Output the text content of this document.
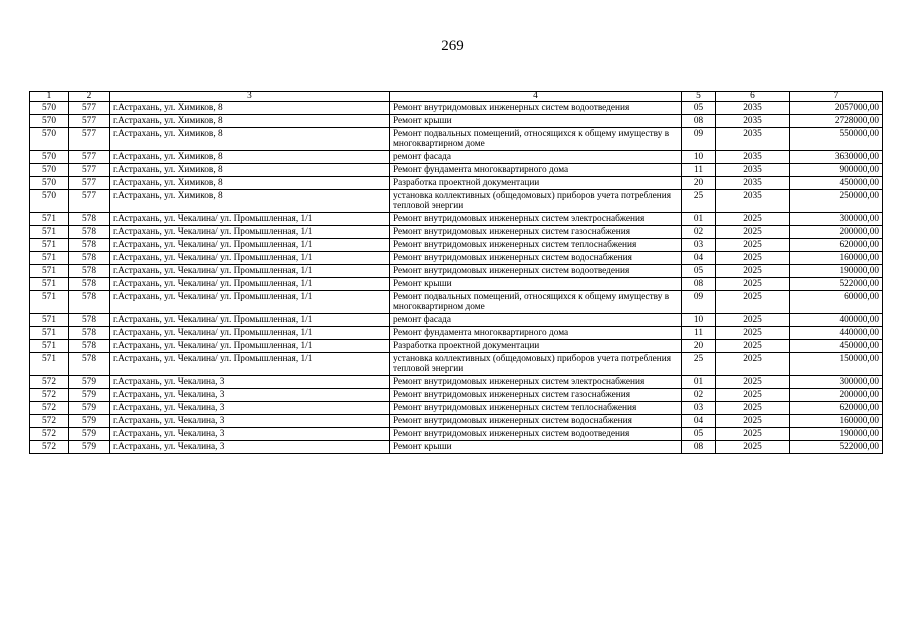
269
1	2	3	4	5	6	7
570	577	г.Астрахань, ул. Химиков, 8	Ремонт внутридомовых инженерных систем водоотведения	05	2035	2057000,00
570	577	г.Астрахань, ул. Химиков, 8	Ремонт крыши	08	2035	2728000,00
570	577	г.Астрахань, ул. Химиков, 8	Ремонт подвальных помещений, относящихся к общему имуществу в многоквартирном доме	09	2035	550000,00
570	577	г.Астрахань, ул. Химиков, 8	ремонт фасада	10	2035	3630000,00
570	577	г.Астрахань, ул. Химиков, 8	Ремонт фундамента многоквартирного дома	11	2035	900000,00
570	577	г.Астрахань, ул. Химиков, 8	Разработка проектной документации	20	2035	450000,00
570	577	г.Астрахань, ул. Химиков, 8	установка коллективных (общедомовых) приборов учета потребления тепловой энергии	25	2035	250000,00
571	578	г.Астрахань, ул. Чекалина/ ул. Промышленная, 1/1	Ремонт внутридомовых инженерных систем электроснабжения	01	2025	300000,00
571	578	г.Астрахань, ул. Чекалина/ ул. Промышленная, 1/1	Ремонт внутридомовых инженерных систем газоснабжения	02	2025	200000,00
571	578	г.Астрахань, ул. Чекалина/ ул. Промышленная, 1/1	Ремонт внутридомовых инженерных систем теплоснабжения	03	2025	620000,00
571	578	г.Астрахань, ул. Чекалина/ ул. Промышленная, 1/1	Ремонт внутридомовых инженерных систем водоснабжения	04	2025	160000,00
571	578	г.Астрахань, ул. Чекалина/ ул. Промышленная, 1/1	Ремонт внутридомовых инженерных систем водоотведения	05	2025	190000,00
571	578	г.Астрахань, ул. Чекалина/ ул. Промышленная, 1/1	Ремонт крыши	08	2025	522000,00
571	578	г.Астрахань, ул. Чекалина/ ул. Промышленная, 1/1	Ремонт подвальных помещений, относящихся к общему имуществу в многоквартирном доме	09	2025	60000,00
571	578	г.Астрахань, ул. Чекалина/ ул. Промышленная, 1/1	ремонт фасада	10	2025	400000,00
571	578	г.Астрахань, ул. Чекалина/ ул. Промышленная, 1/1	Ремонт фундамента многоквартирного дома	11	2025	440000,00
571	578	г.Астрахань, ул. Чекалина/ ул. Промышленная, 1/1	Разработка проектной документации	20	2025	450000,00
571	578	г.Астрахань, ул. Чекалина/ ул. Промышленная, 1/1	установка коллективных (общедомовых) приборов учета потребления тепловой энергии	25	2025	150000,00
572	579	г.Астрахань, ул. Чекалина, 3	Ремонт внутридомовых инженерных систем электроснабжения	01	2025	300000,00
572	579	г.Астрахань, ул. Чекалина, 3	Ремонт внутридомовых инженерных систем газоснабжения	02	2025	200000,00
572	579	г.Астрахань, ул. Чекалина, 3	Ремонт внутридомовых инженерных систем теплоснабжения	03	2025	620000,00
572	579	г.Астрахань, ул. Чекалина, 3	Ремонт внутридомовых инженерных систем водоснабжения	04	2025	160000,00
572	579	г.Астрахань, ул. Чекалина, 3	Ремонт внутридомовых инженерных систем водоотведения	05	2025	190000,00
572	579	г.Астрахань, ул. Чекалина, 3	Ремонт крыши	08	2025	522000,00
